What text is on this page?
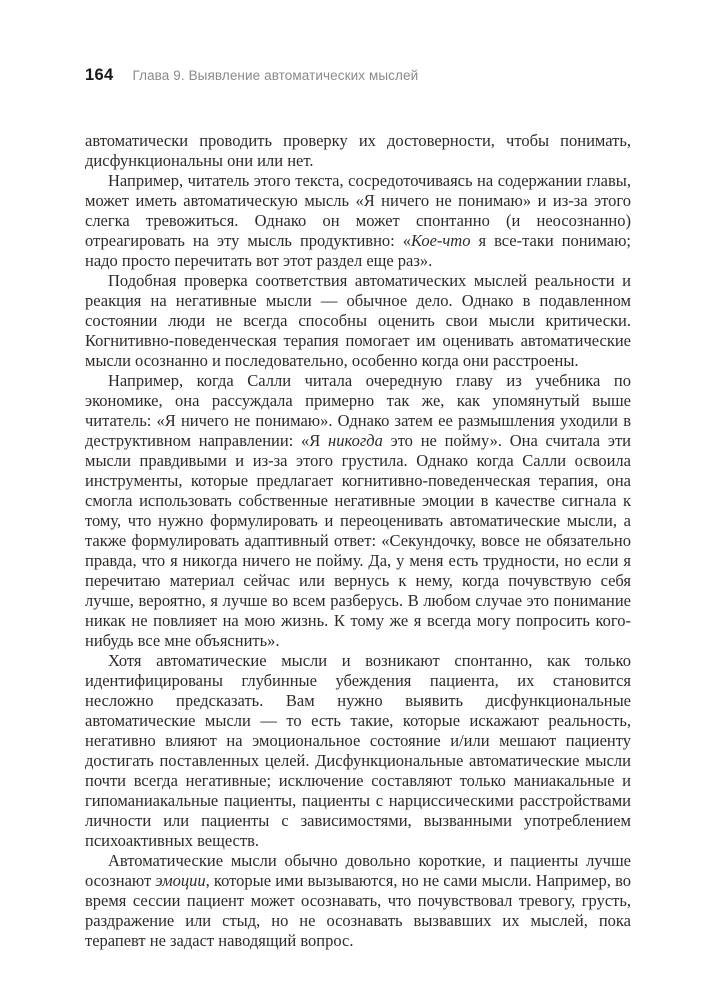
164 Глава 9. Выявление автоматических мыслей

автоматически проводить проверку их достоверности, чтобы понимать, дисфункциональны они или нет.

Например, читатель этого текста, сосредоточиваясь на содержании главы, может иметь автоматическую мысль «Я ничего не понимаю» и из-за этого слегка тревожиться. Однако он может спонтанно (и неосознанно) отреагировать на эту мысль продуктивно: «Кое-что я все-таки понимаю; надо просто перечитать вот этот раздел еще раз».

Подобная проверка соответствия автоматических мыслей реальности и реакция на негативные мысли — обычное дело. Однако в подавленном состоянии люди не всегда способны оценить свои мысли критически. Когнитивно-поведенческая терапия помогает им оценивать автоматические мысли осознанно и последовательно, особенно когда они расстроены.

Например, когда Салли читала очередную главу из учебника по экономике, она рассуждала примерно так же, как упомянутый выше читатель: «Я ничего не понимаю». Однако затем ее размышления уходили в деструктивном направлении: «Я никогда это не пойму». Она считала эти мысли правдивыми и из-за этого грустила. Однако когда Салли освоила инструменты, которые предлагает когнитивно-поведенческая терапия, она смогла использовать собственные негативные эмоции в качестве сигнала к тому, что нужно формулировать и переоценивать автоматические мысли, а также формулировать адаптивный ответ: «Секундочку, вовсе не обязательно правда, что я никогда ничего не пойму. Да, у меня есть трудности, но если я перечитаю материал сейчас или вернусь к нему, когда почувствую себя лучше, вероятно, я лучше во всем разберусь. В любом случае это понимание никак не повлияет на мою жизнь. К тому же я всегда могу попросить кого-нибудь все мне объяснить».

Хотя автоматические мысли и возникают спонтанно, как только идентифицированы глубинные убеждения пациента, их становится несложно предсказать. Вам нужно выявить дисфункциональные автоматические мысли — то есть такие, которые искажают реальность, негативно влияют на эмоциональное состояние и/или мешают пациенту достигать поставленных целей. Дисфункциональные автоматические мысли почти всегда негативные; исключение составляют только маниакальные и гипоманиакальные пациенты, пациенты с нарциссическими расстройствами личности или пациенты с зависимостями, вызванными употреблением психоактивных веществ.

Автоматические мысли обычно довольно короткие, и пациенты лучше осознают эмоции, которые ими вызываются, но не сами мысли. Например, во время сессии пациент может осознавать, что почувствовал тревогу, грусть, раздражение или стыд, но не осознавать вызвавших их мыслей, пока терапевт не задаст наводящий вопрос.
